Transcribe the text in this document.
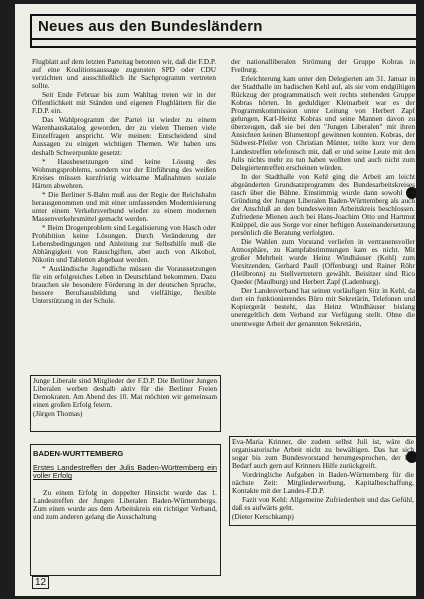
Neues aus den Bundesländern

Flugblatt auf dem letzten Parteitag betonten wir, daß die F.D.P. auf eine Koalitionsaussage zugunsten SPD oder CDU verzichten und ausschließlich ihr Sachprogramm vertreten sollte.

Seit Ende Februar bis zum Wahltag treten wir in der Öffentlichkeit mit Ständen und eigenen Flugblättern für die F.D.P. ein.

Das Wahlprogramm der Partei ist wieder zu einem Warenhauskatalog geworden, der zu vielen Themen viele Einzelfragen anspricht. Wir meinen: Entscheidend sind Aussagen zu einigen wichtigen Themen. Wir haben uns deshalb Schwerpunkte gesetzt:

* Hausbesetzungen sind keine Lösung des Wohnungsproblems, sondern vor der Einführung des weißen Kreises müssen kurzfristig wirksame Maßnahmen soziale Härten abwehren.

* Die Berliner S-Bahn muß aus der Regie der Reichsbahn herausgenommen und mit einer umfassenden Modernisierung unter einem Verkehrsverbund wieder zu einem modernen Massenverkehrsmittel gemacht werden.

* Beim Drogenproblem sind Legalisierung von Hasch oder Prohibition keine Lösungen. Durch Veränderung der Lebensbedingungen und Anleitung zur Selbsthilfe muß die Abhängigkeit von Rauschgiften, aber auch von Alkohol, Nikotin und Tabletten abgebaut werden.

* Ausländische Jugendliche müssen die Voraussetzungen für ein erfolgreiches Leben in Deutschland bekommen. Dazu brauchen sie besondere Förderung in der deutschen Sprache, bessere Berufsausbildung und vielfältige, flexible Unterstützung in der Schule.

Junge Liberale sind Mitglieder der F.D.P. Die Berliner Jungen Liberalen werben deshalb aktiv für die Berliner Freien Demokraten. Am Abend des 10. Mai möchten wir gemeinsam einen großen Erfolg feiern.

(Jürgen Thomas)

der nationalliberalen Strömung der Gruppe Kobras in Freiburg.

Erleichterung kam unter den Delegierten am 31. Januar in der Stadthalle im badischen Kehl auf, als sie vom endgültigen Rückzug der programmatisch weit rechts stehenden Gruppe Kobras hörten. In geduldiger Kleinarbeit war es der Programmkommission unter Leitung von Herbert Zapf gelungen, Karl-Heinz Kobras und seine Mannen davon zu überzeugen, daß sie bei den "Jungen Liberalen" mit ihren Ansichten keinen Blumentopf gewinnen konnten. Kobras, der Südwest-Pfeiler von Christian Münter, teilte kurz vor dem Landestreffen telefonisch mit, daß er und seine Leute mit den Julis nichts mehr zu tun haben wollten und auch nicht zum Delegiertentreffen erscheinen würden.

In der Stadthalle von Kehl ging die Arbeit am leicht abgeänderten Grundsatzprogramm des Bundesarbeitskreises rasch über die Bühne. Einstimmig wurde dann sowohl die Gründung der Jungen Liberalen Baden-Württemberg als auch der Anschluß an den bundesweiten Arbeitskreis beschlossen. Zufriedene Mienen auch bei Hans-Joachim Otto und Hartmut Knüppel, die aus Sorge vor einer heftigen Auseinandersetzung persönlich die Beratung verfolgten.

Die Wahlen zum Vorstand verliefen in vertrauensvoller Atmosphäre, zu Kampfabstimmungen kam es nicht. Mit großer Mehrheit wurde Heinz Windhäuser (Kehl) zum Vorsitzenden, Gerhard Paull (Offenburg) und Rainer Röhr (Heilbronn) zu Stellvertretern gewählt. Beisitzer sind Rico Queder (Maulburg) und Herbert Zapf (Ladenburg).

Der Landesverband hat seinen vorläufigen Sitz in Kehl, da dort ein funktionierendes Büro mit Sekretärin, Telefonen und Kopiergerät besteht, das Heinz Windhäuser bislang unentgeltlich dem Verband zur Verfügung stellt. Ohne die unentwegte Arbeit der genannten Sekretärin,

Eva-Maria Krinner, die zudem selbst Juli ist, wäre die organisatorische Arbeit nicht zu bewältigen. Das hat sich sogar bis zum Bundesvorstand herumgesprochen, der bei Bedarf auch gern auf Krinners Hilfe zurückgreift.

Vordringliche Aufgaben in Baden-Württemberg für die nächste Zeit: Mitgliederwerbung, Kapitalbeschaffung, Kontakte mit der Landes-F.D.P.

Fazit von Kehl: Allgemeine Zufriedenheit und das Gefühl, daß es aufwärts geht.

(Dieter Kerschkamp)

BADEN-WÜRTTEMBERG
Erstes Landestreffen der Julis Baden-Württemberg ein voller Erfolg

Zu einem Erfolg in doppelter Hinsicht wurde das 1. Landestreffen der Jungen Liberalen Baden-Württembergs. Zum einen wurde aus dem Arbeitskreis ein richtiger Verband, und zum anderen gelang die Ausschaltung

12
